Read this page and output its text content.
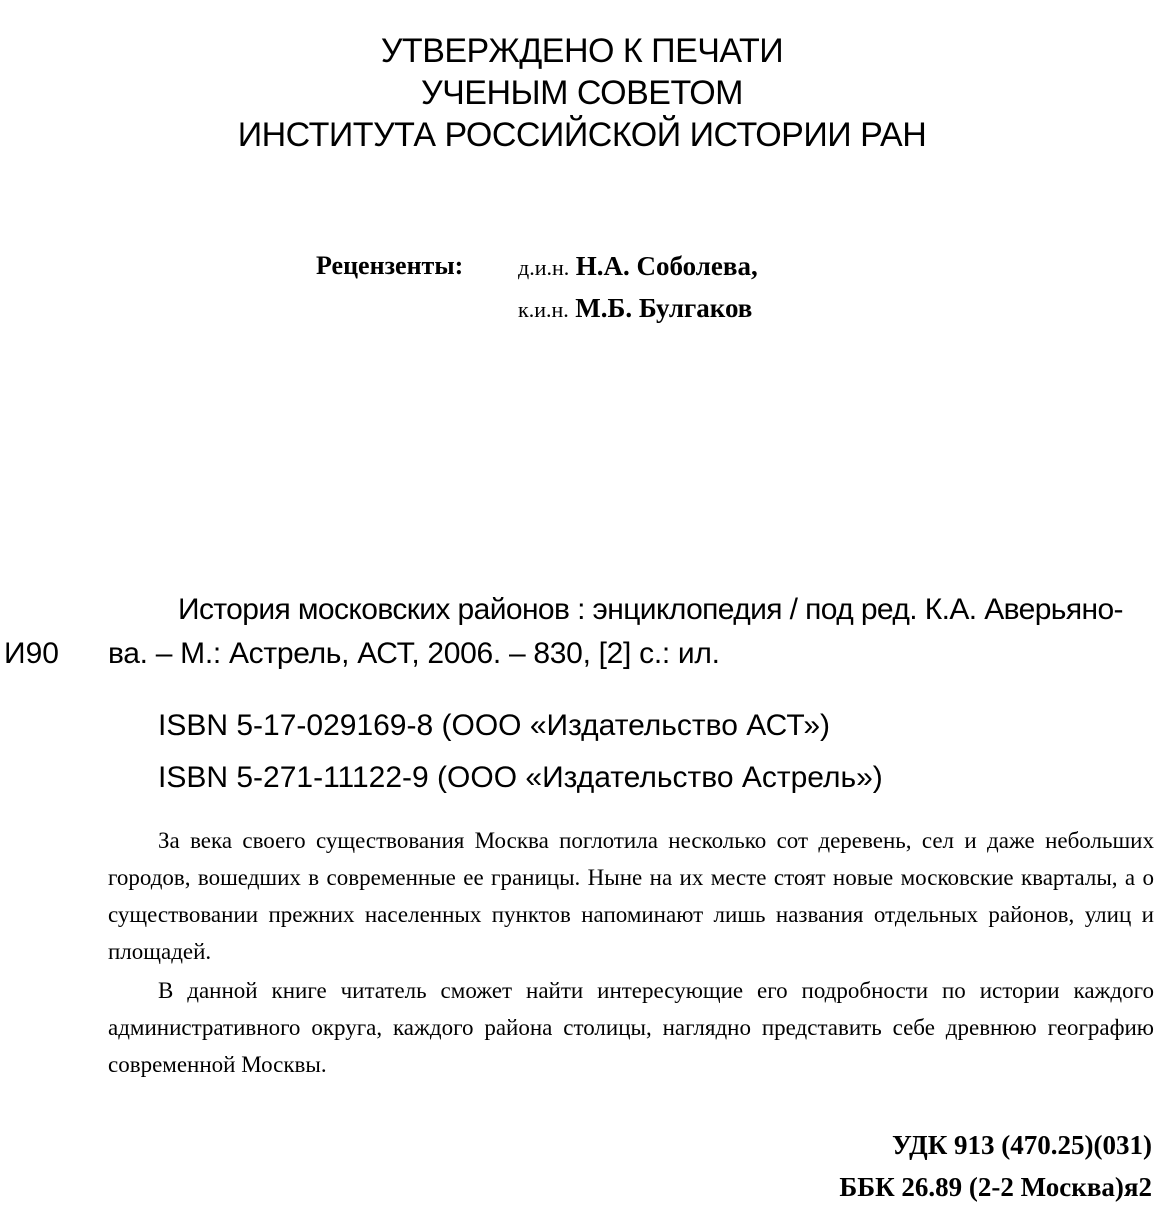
УТВЕРЖДЕНО К ПЕЧАТИ
УЧЕНЫМ СОВЕТОМ
ИНСТИТУТА РОССИЙСКОЙ ИСТОРИИ РАН
Рецензенты: д.и.н. Н.А. Соболева,
к.и.н. М.Б. Булгаков
И90
История московских районов : энциклопедия / под ред. К.А. Аверьяно-
ва. – М.: Астрель, АСТ, 2006. – 830, [2] с.: ил.
ISBN 5-17-029169-8 (ООО «Издательство АСТ»)
ISBN 5-271-11122-9 (ООО «Издательство Астрель»)

За века своего существования Москва поглотила несколько сот деревень, сел и даже небольших городов, вошедших в современные ее границы. Ныне на их месте стоят новые московские кварталы, а о существовании прежних населенных пунктов напоминают лишь названия отдельных районов, улиц и площадей.

В данной книге читатель сможет найти интересующие его подробности по истории каждого административного округа, каждого района столицы, наглядно представить себе древнюю географию современной Москвы.

УДК 913 (470.25)(031)
ББК 26.89 (2-2 Москва)я2
